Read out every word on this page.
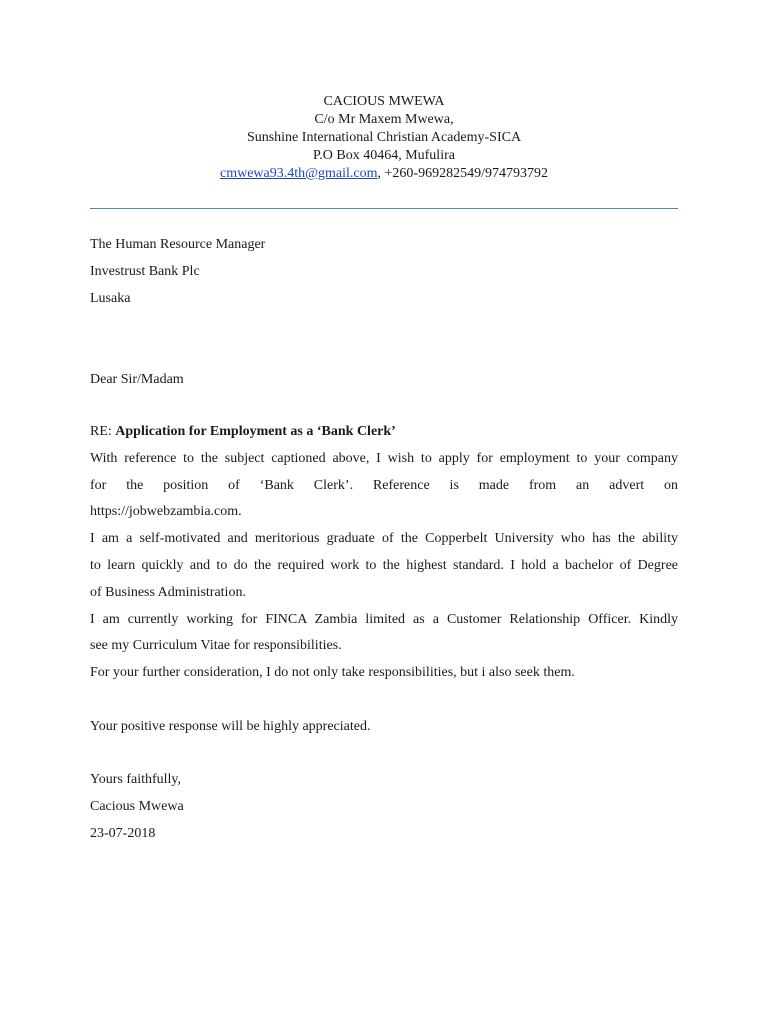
CACIOUS MWEWA
C/o Mr Maxem Mwewa,
Sunshine International Christian Academy-SICA
P.O Box 40464, Mufulira
cmwewa93.4th@gmail.com, +260-969282549/974793792
The Human Resource Manager
Investrust Bank Plc
Lusaka
Dear Sir/Madam
RE: Application for Employment as a ‘Bank Clerk’
With reference to the subject captioned above, I wish to apply for employment to your company
for the position of ‘Bank Clerk’. Reference is made from an advert on
https://jobwebzambia.com.
I am a self-motivated and meritorious graduate of the Copperbelt University who has the ability
to learn quickly and to do the required work to the highest standard. I hold a bachelor of Degree
of Business Administration.
I am currently working for FINCA Zambia limited as a Customer Relationship Officer. Kindly
see my Curriculum Vitae for responsibilities.
For your further consideration, I do not only take responsibilities, but i also seek them.
Your positive response will be highly appreciated.
Yours faithfully,
Cacious Mwewa
23-07-2018
